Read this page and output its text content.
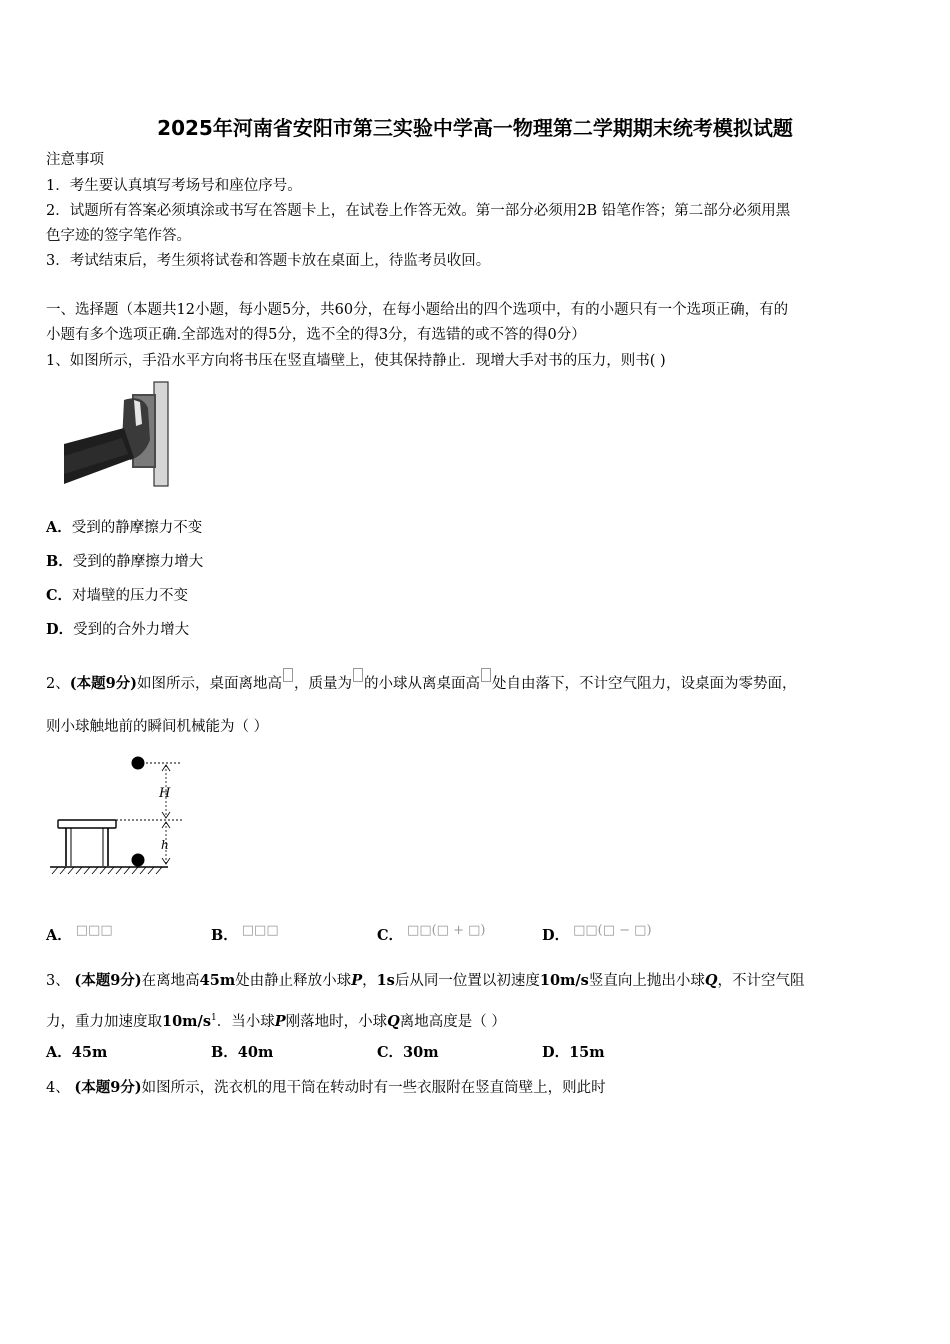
2025年河南省安阳市第三实验中学高一物理第二学期期末统考模拟试题
注意事项
1．考生要认真填写考场号和座位序号。
2．试题所有答案必须填涂或书写在答题卡上，在试卷上作答无效。第一部分必须用2B 铅笔作答；第二部分必须用黑
色字迹的签字笔作答。
3．考试结束后，考生须将试卷和答题卡放在桌面上，待监考员收回。
一、选择题（本题共12小题，每小题5分，共60分，在每小题给出的四个选项中，有的小题只有一个选项正确，有的
小题有多个选项正确.全部选对的得5分，选不全的得3分，有选错的或不答的得0分）
1、如图所示，手沿水平方向将书压在竖直墙壁上，使其保持静止．现增大手对书的压力，则书( )
A．受到的静摩擦力不变
B．受到的静摩擦力增大
C．对墙壁的压力不变
D．受到的合外力增大
2、(本题9分)如图所示，桌面离地高 ，质量为 的小球从离桌面高 处自由落下，不计空气阻力，设桌面为零势面，
则小球触地前的瞬间机械能为（ ）
H
h
A． □□□	B． □□□	C． □□(□ + □)	D． □□(□ − □)
3、 (本题9分)在离地高45m处由静止释放小球P，1s后从同一位置以初速度10m/s竖直向上抛出小球Q，不计空气阻
力，重力加速度取$10m/s^1$．当小球P刚落地时，小球Q离地高度是（ ）
A．45m	B．40m	C．30m	D．15m
4、 (本题9分)如图所示，洗衣机的甩干筒在转动时有一些衣服附在竖直筒壁上，则此时
